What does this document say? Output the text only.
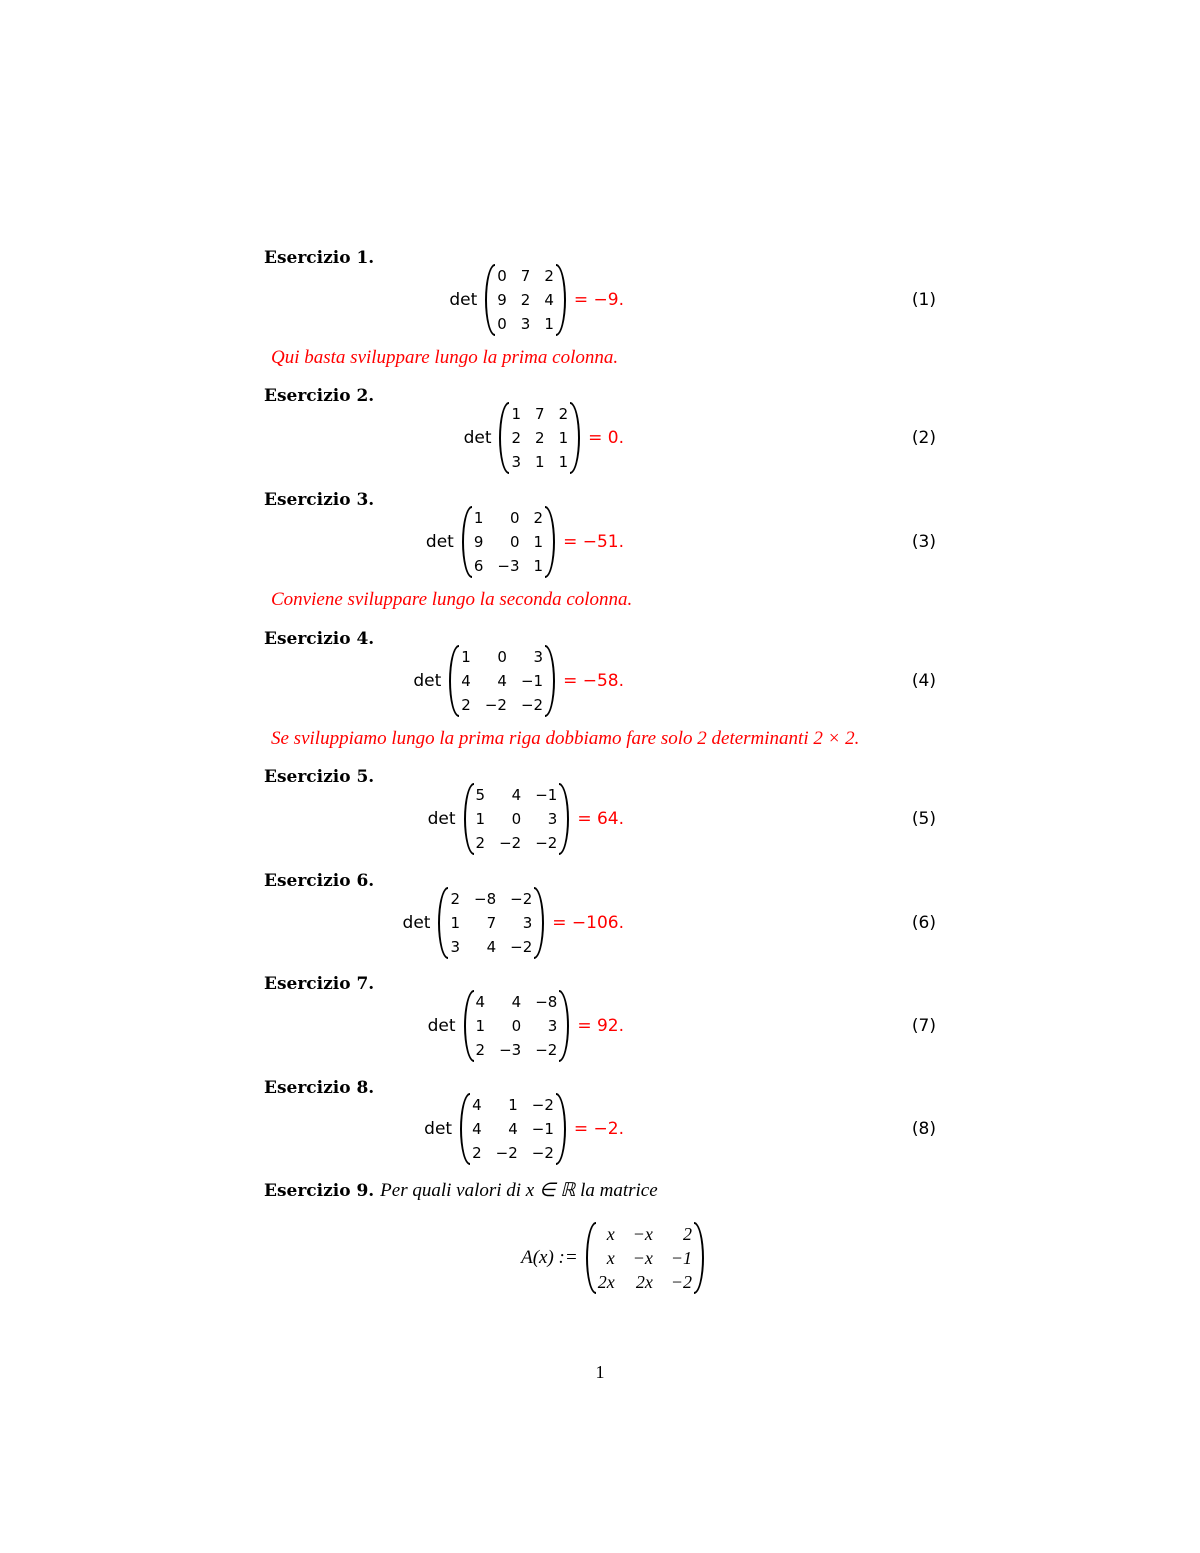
Esercizio 1.
det
0 7 2
9 2 4
0 3 1
= −9.	(1)
Qui basta sviluppare lungo la prima colonna.
Esercizio 2.
det
1 7 2
2 2 1
3 1 1
= 0.	(2)
Esercizio 3.
det
1	0 2
9	0 1
6 −3 1
= −51.	(3)
Conviene sviluppare lungo la seconda colonna.
Esercizio 4.
det
1	0	3
4	4 −1
2 −2 −2
= −58.	(4)
Se sviluppiamo lungo la prima riga dobbiamo fare solo 2 determinanti 2 × 2.
Esercizio 5.
det
5	4 −1
1	0	3
2 −2 −2
= 64.	(5)
Esercizio 6.
det
2 −8 −2
1	7	3
3	4 −2
= −106.	(6)
Esercizio 7.
det
4	4 −8
1	0	3
2 −3 −2
= 92.	(7)
Esercizio 8.
det
4	1 −2
4	4 −1
2 −2 −2
= −2.	(8)
Esercizio 9. Per quali valori di x ∈ ℝ la matrice
A(x) :=
x −x	2
x −x −1
2x 2x −2
1
